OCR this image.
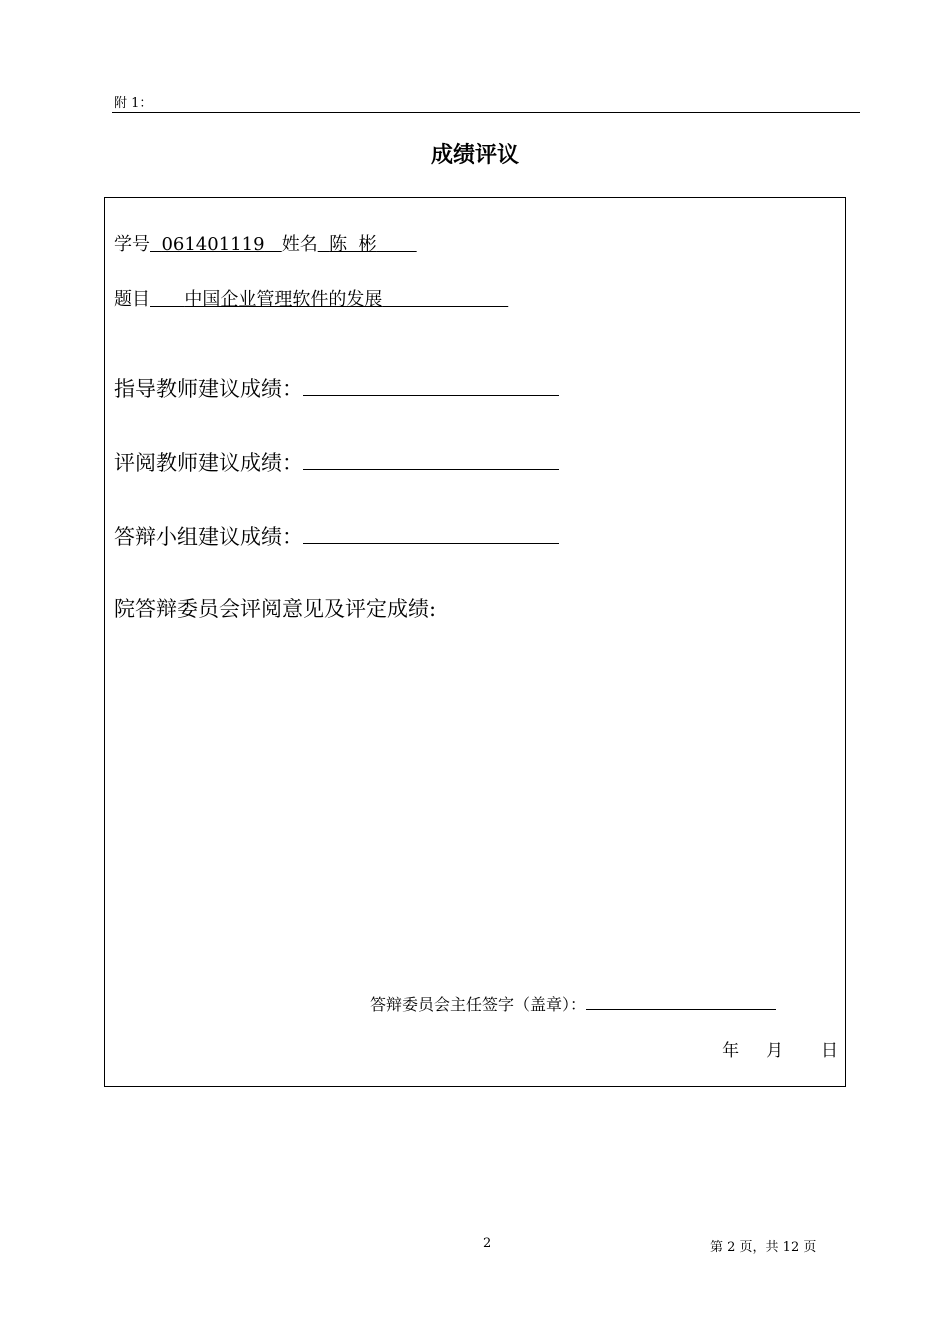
附 1：
成绩评议
学号 061401119 姓名 陈  彬
题目 中国企业管理软件的发展
指导教师建议成绩：
评阅教师建议成绩：
答辩小组建议成绩：
院答辩委员会评阅意见及评定成绩:
答辩委员会主任签字（盖章）：
年 月 日
2	第 2 页，共 12 页
